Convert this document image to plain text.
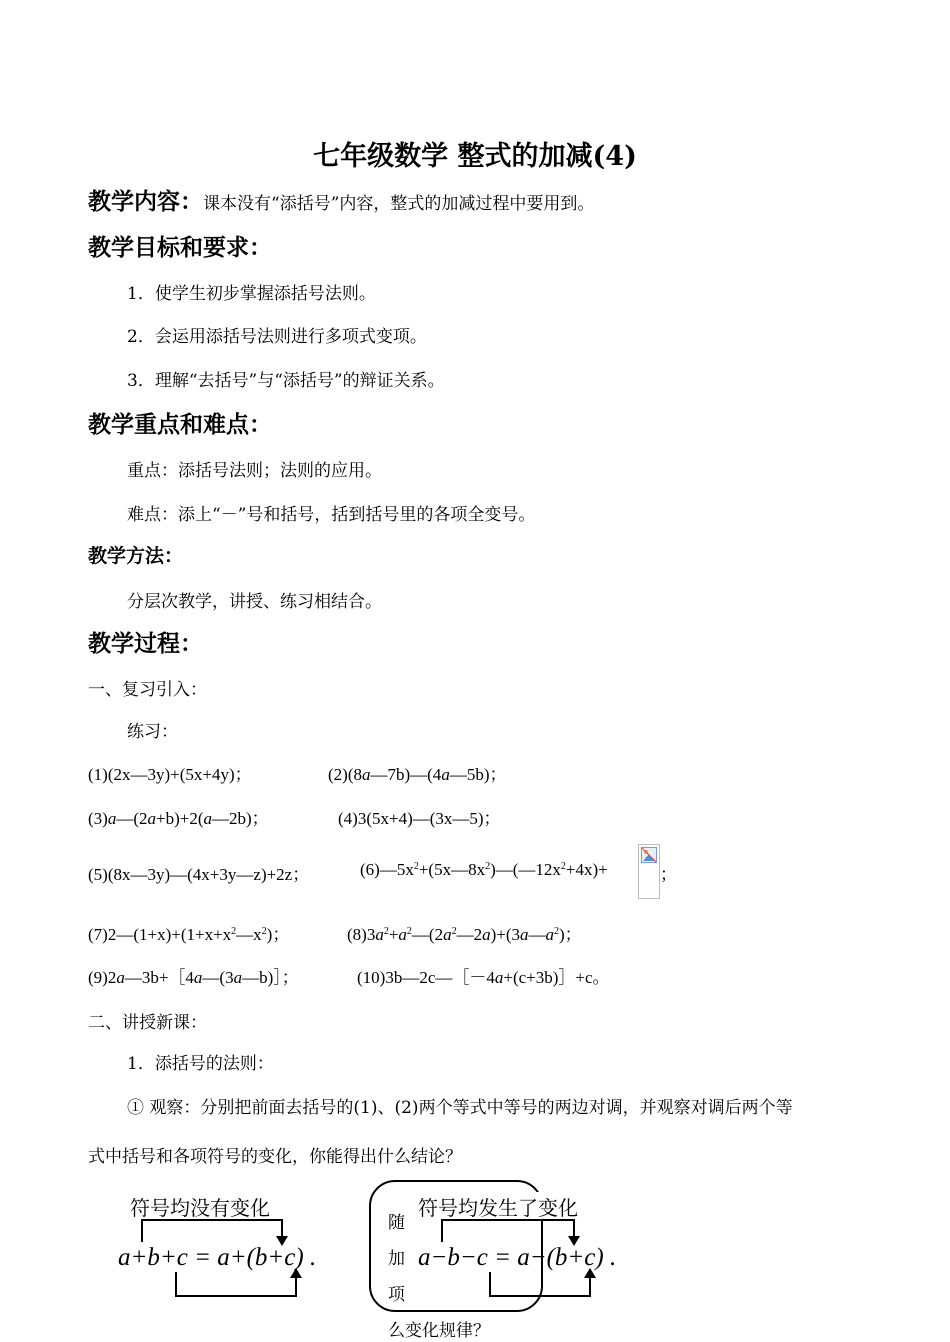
七年级数学 整式的加减(4)
教学内容：课本没有“添括号”内容，整式的加减过程中要用到。
教学目标和要求：
1．使学生初步掌握添括号法则。
2．会运用添括号法则进行多项式变项。
3．理解“去括号”与“添括号”的辩证关系。
教学重点和难点：
重点：添括号法则；法则的应用。
难点：添上“－”号和括号，括到括号里的各项全变号。
教学方法：
分层次教学，讲授、练习相结合。
教学过程：
一、复习引入：
练习：
(1)(2x—3y)+(5x+4y)；	(2)(8a—7b)—(4a—5b)；
(3)a—(2a+b)+2(a—2b)；	(4)3(5x+4)—(3x—5)；
(5)(8x—3y)—(4x+3y—z)+2z；	$(6)—5x^2+(5x—8x^2)—(—12x^2+4x)+$	；
$(7)2—(1+x)+(1+x+x^2—x^2)$；	$(8)3a^2+a^2—(2a^2—2a)+(3a—a^2)$；
(9)2a—3b+［4a—(3a—b)］；	(10)3b—2c—［－4a+(c+3b)］+c。
二、讲授新课：
1．添括号的法则：
① 观察：分别把前面去括号的(1)、(2)两个等式中等号的两边对调，并观察对调后两个等
式中括号和各项符号的变化，你能得出什么结论？
符号均没有变化
a+b+c = a+(b+c) .
随
加
项
符号均发生了变化
a−b−c = a−(b+c) .
么变化规律？
